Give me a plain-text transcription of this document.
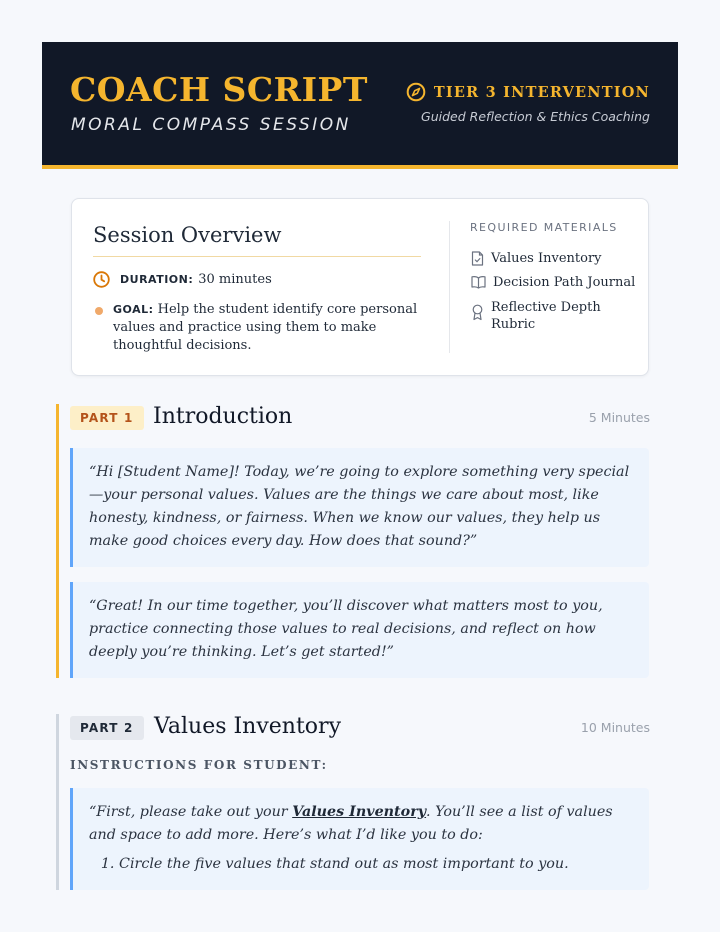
COACH SCRIPT
MORAL COMPASS SESSION
TIER 3 INTERVENTION
Guided Reflection & Ethics Coaching
Session Overview
DURATION: 30 minutes
GOAL: Help the student identify core personal values and practice using them to make thoughtful decisions.
REQUIRED MATERIALS
Values Inventory
Decision Path Journal
Reflective Depth Rubric
PART 1 Introduction	5 Minutes
“Hi [Student Name]! Today, we’re going to explore something very special—your personal values. Values are the things we care about most, like honesty, kindness, or fairness. When we know our values, they help us make good choices every day. How does that sound?”
“Great! In our time together, you’ll discover what matters most to you, practice connecting those values to real decisions, and reflect on how deeply you’re thinking. Let’s get started!”
PART 2 Values Inventory	10 Minutes
INSTRUCTIONS FOR STUDENT:
“First, please take out your Values Inventory. You’ll see a list of values and space to add more. Here’s what I’d like you to do:
1. Circle the five values that stand out as most important to you.
